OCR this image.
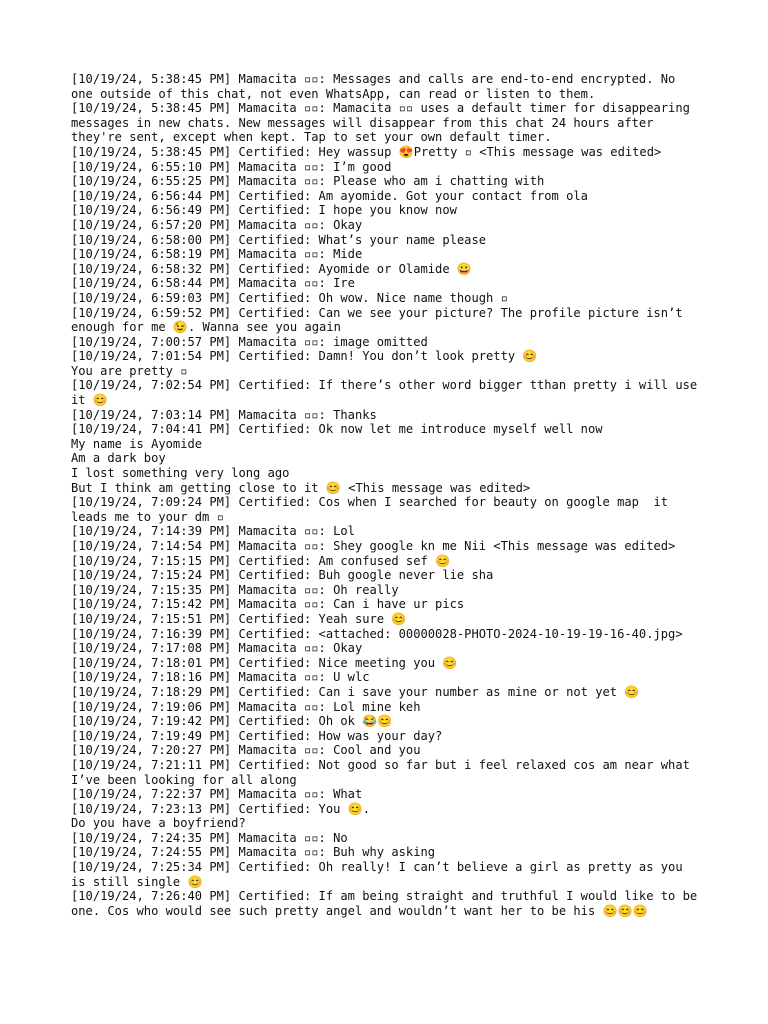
[10/19/24, 5:38:45 PM] Mamacita ▫▫: Messages and calls are end-to-end encrypted. No one outside of this chat, not even WhatsApp, can read or listen to them.

[10/19/24, 5:38:45 PM] Mamacita ▫▫: Mamacita ▫▫ uses a default timer for disappearing messages in new chats. New messages will disappear from this chat 24 hours after they're sent, except when kept. Tap to set your own default timer.

[10/19/24, 5:38:45 PM] Certified: Hey wassup 😍Pretty ▫ <This message was edited>

[10/19/24, 6:55:10 PM] Mamacita ▫▫: I’m good

[10/19/24, 6:55:25 PM] Mamacita ▫▫: Please who am i chatting with

[10/19/24, 6:56:44 PM] Certified: Am ayomide. Got your contact from ola

[10/19/24, 6:56:49 PM] Certified: I hope you know now

[10/19/24, 6:57:20 PM] Mamacita ▫▫: Okay

[10/19/24, 6:58:00 PM] Certified: What’s your name please

[10/19/24, 6:58:19 PM] Mamacita ▫▫: Mide

[10/19/24, 6:58:32 PM] Certified: Ayomide or Olamide 😀

[10/19/24, 6:58:44 PM] Mamacita ▫▫: Ire

[10/19/24, 6:59:03 PM] Certified: Oh wow. Nice name though ▫

[10/19/24, 6:59:52 PM] Certified: Can we see your picture? The profile picture isn’t enough for me 😉. Wanna see you again

[10/19/24, 7:00:57 PM] Mamacita ▫▫: image omitted

[10/19/24, 7:01:54 PM] Certified: Damn! You don’t look pretty 😊

You are pretty ▫

[10/19/24, 7:02:54 PM] Certified: If there’s other word bigger tthan pretty i will use it 😊

[10/19/24, 7:03:14 PM] Mamacita ▫▫: Thanks

[10/19/24, 7:04:41 PM] Certified: Ok now let me introduce myself well now

My name is Ayomide

Am a dark boy

I lost something very long ago

But I think am getting close to it 😊 <This message was edited>

[10/19/24, 7:09:24 PM] Certified: Cos when I searched for beauty on google map  it leads me to your dm ▫

[10/19/24, 7:14:39 PM] Mamacita ▫▫: Lol

[10/19/24, 7:14:54 PM] Mamacita ▫▫: Shey google kn me Nii <This message was edited>

[10/19/24, 7:15:15 PM] Certified: Am confused sef 😊

[10/19/24, 7:15:24 PM] Certified: Buh google never lie sha

[10/19/24, 7:15:35 PM] Mamacita ▫▫: Oh really

[10/19/24, 7:15:42 PM] Mamacita ▫▫: Can i have ur pics

[10/19/24, 7:15:51 PM] Certified: Yeah sure 😊

[10/19/24, 7:16:39 PM] Certified: <attached: 00000028-PHOTO-2024-10-19-19-16-40.jpg>

[10/19/24, 7:17:08 PM] Mamacita ▫▫: Okay

[10/19/24, 7:18:01 PM] Certified: Nice meeting you 😊

[10/19/24, 7:18:16 PM] Mamacita ▫▫: U wlc

[10/19/24, 7:18:29 PM] Certified: Can i save your number as mine or not yet 😊

[10/19/24, 7:19:06 PM] Mamacita ▫▫: Lol mine keh

[10/19/24, 7:19:42 PM] Certified: Oh ok 😂😊

[10/19/24, 7:19:49 PM] Certified: How was your day?

[10/19/24, 7:20:27 PM] Mamacita ▫▫: Cool and you

[10/19/24, 7:21:11 PM] Certified: Not good so far but i feel relaxed cos am near what I’ve been looking for all along

[10/19/24, 7:22:37 PM] Mamacita ▫▫: What

[10/19/24, 7:23:13 PM] Certified: You 😊.

Do you have a boyfriend?

[10/19/24, 7:24:35 PM] Mamacita ▫▫: No

[10/19/24, 7:24:55 PM] Mamacita ▫▫: Buh why asking

[10/19/24, 7:25:34 PM] Certified: Oh really! I can’t believe a girl as pretty as you is still single 😊

[10/19/24, 7:26:40 PM] Certified: If am being straight and truthful I would like to be one. Cos who would see such pretty angel and wouldn’t want her to be his 😊😊😊
